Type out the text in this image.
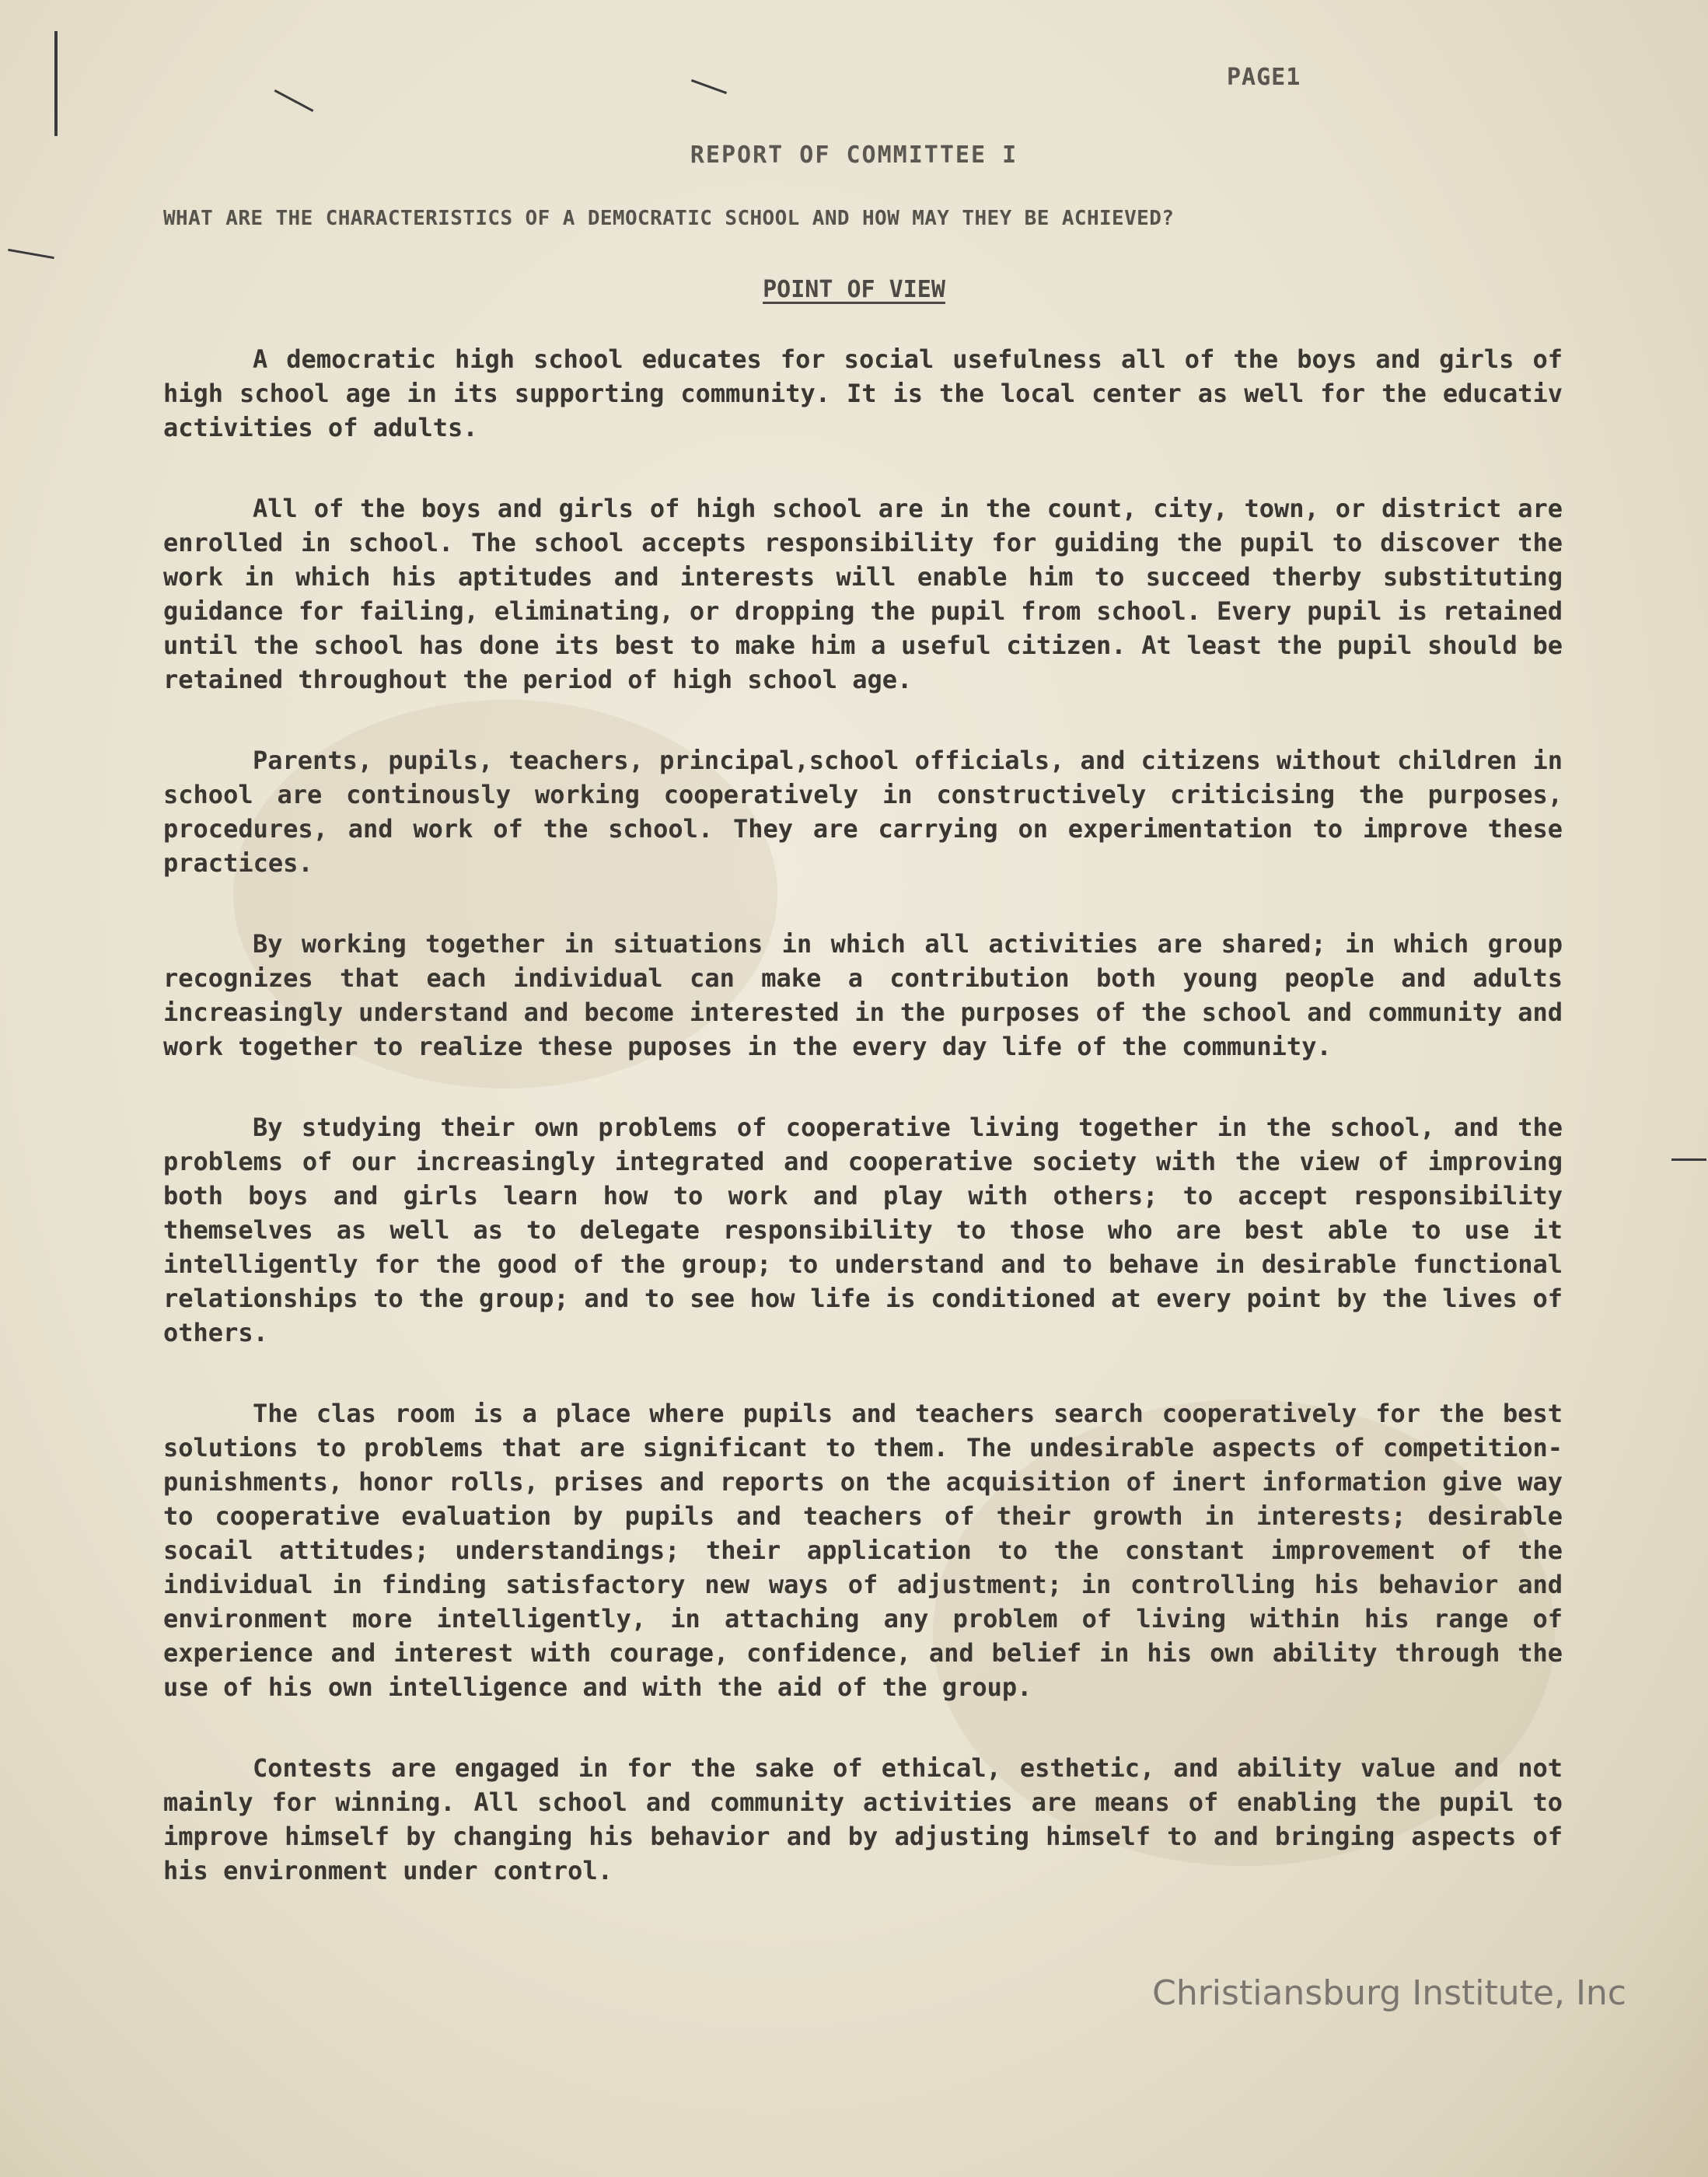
PAGE1
REPORT OF COMMITTEE I
WHAT ARE THE CHARACTERISTICS OF A DEMOCRATIC SCHOOL AND HOW MAY THEY BE ACHIEVED?
POINT OF VIEW

A democratic high school educates for social usefulness all of the boys and girls of high school age in its supporting community. It is the local center as well for the educativ activities of adults.

All of the boys and girls of high school are in the count, city, town, or district are enrolled in school. The school accepts responsibility for guiding the pupil to discover the work in which his aptitudes and interests will enable him to succeed therby substituting guidance for failing, eliminating, or dropping the pupil from school. Every pupil is retained until the school has done its best to make him a useful citizen. At least the pupil should be retained throughout the period of high school age.

Parents, pupils, teachers, principal,school officials, and citizens without children in school are continously working cooperatively in constructively criticising the purposes, procedures, and work of the school. They are carrying on experimentation to improve these practices.

By working together in situations in which all activities are shared; in which group recognizes that each individual can make a contribution both young people and adults increasingly understand and become interested in the purposes of the school and community and work together to realize these puposes in the every day life of the community.

By studying their own problems of cooperative living together in the school, and the problems of our increasingly integrated and cooperative society with the view of improving both boys and girls learn how to work and play with others; to accept responsibility themselves as well as to delegate responsibility to those who are best able to use it intelligently for the good of the group; to understand and to behave in desirable functional relationships to the group; and to see how life is conditioned at every point by the lives of others.

The clas room is a place where pupils and teachers search cooperatively for the best solutions to problems that are significant to them. The undesirable aspects of competition-punishments, honor rolls, prises and reports on the acquisition of inert information give way to cooperative evaluation by pupils and teachers of their growth in interests; desirable socail attitudes; understandings; their application to the constant improvement of the individual in finding satisfactory new ways of adjustment; in controlling his behavior and environment more intelligently, in attaching any problem of living within his range of experience and interest with courage, confidence, and belief in his own ability through the use of his own intelligence and with the aid of the group.

Contests are engaged in for the sake of ethical, esthetic, and ability value and not mainly for winning. All school and community activities are means of enabling the pupil to improve himself by changing his behavior and by adjusting himself to and bringing aspects of his environment under control.

Christiansburg Institute, Inc
